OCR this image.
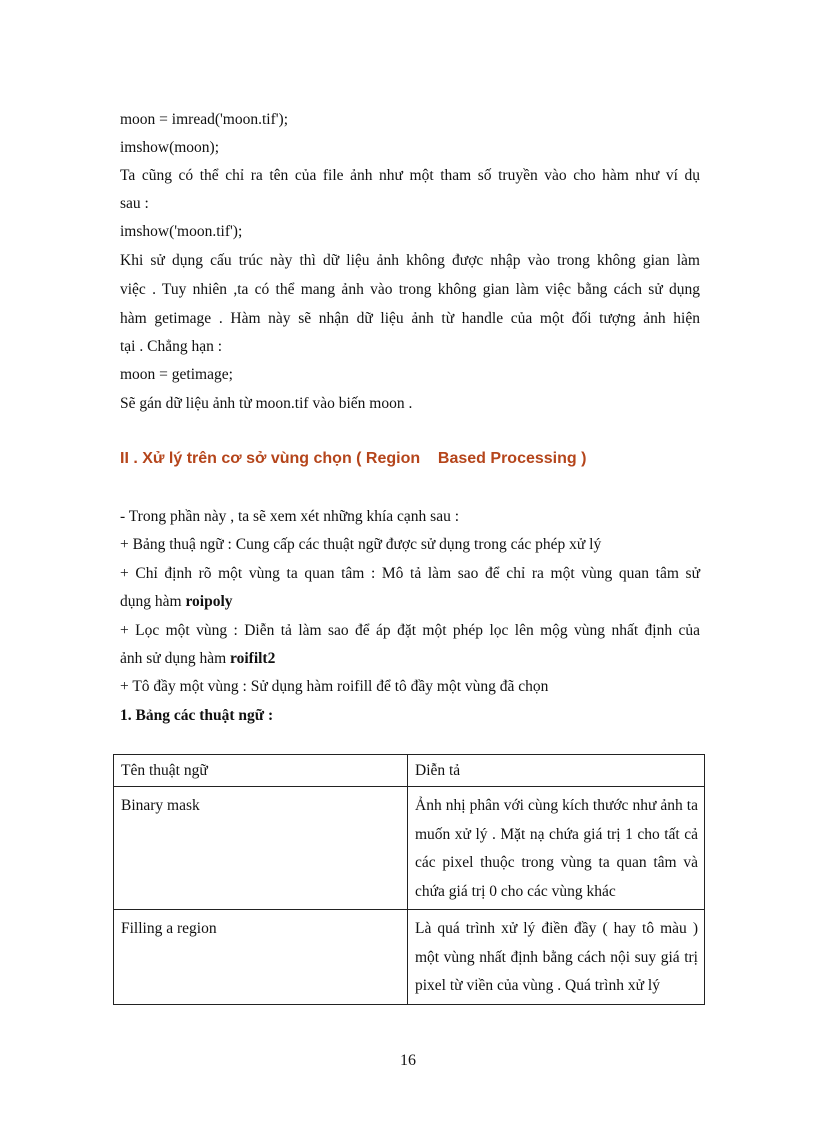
moon = imread('moon.tif');
imshow(moon);
Ta cũng có thể chỉ ra tên của file ảnh như một tham số truyền vào cho hàm như ví dụ
sau :
imshow('moon.tif');
Khi sử dụng cấu trúc này thì dữ liệu ảnh không được nhập vào trong không gian làm
việc . Tuy nhiên ,ta có thể mang ảnh vào trong không gian làm việc bằng cách sử dụng
hàm getimage . Hàm này sẽ nhận dữ liệu ảnh từ handle của một đối tượng ảnh hiện
tại . Chẳng hạn :
moon = getimage;
Sẽ gán dữ liệu ảnh từ moon.tif vào biến moon .
II . Xử lý trên cơ sở vùng chọn ( Region    Based Processing )
- Trong phần này , ta sẽ xem xét những khía cạnh sau :
+ Bảng thuậ ngữ : Cung cấp các thuật ngữ được sử dụng trong các phép xử lý
+ Chỉ định rõ một vùng ta quan tâm : Mô tả làm sao để chỉ ra một vùng quan tâm sử
dụng hàm roipoly
+ Lọc một vùng : Diễn tả làm sao để áp đặt một phép lọc lên mộg vùng nhất định của
ảnh sử dụng hàm roifilt2
+ Tô đầy một vùng : Sử dụng hàm roifill để tô đầy một vùng đã chọn
1. Bảng các thuật ngữ :
Tên thuật ngữ	Diễn tả
Binary mask	Ảnh nhị phân với cùng kích thước như ảnh ta muốn xử lý . Mặt nạ chứa giá trị 1 cho tất cả các pixel thuộc trong vùng ta quan tâm và chứa giá trị 0 cho các vùng khác
Filling a region	Là quá trình xử lý điền đầy ( hay tô màu ) một vùng nhất định bằng cách nội suy giá trị pixel từ viền của vùng . Quá trình xử lý
16
